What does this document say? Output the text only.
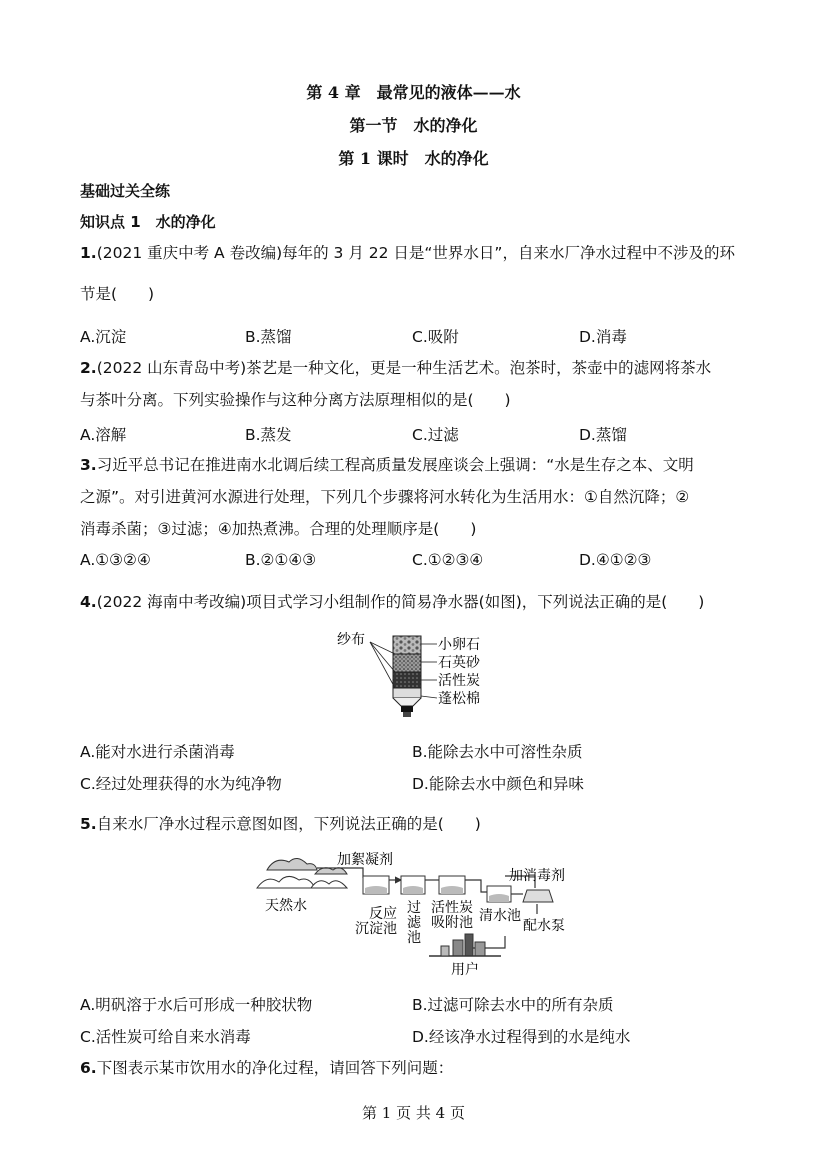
第 4 章　最常见的液体——水
第一节　水的净化
第 1 课时　水的净化
基础过关全练
知识点 1　水的净化
1.(2021 重庆中考 A 卷改编)每年的 3 月 22 日是“世界水日”，自来水厂净水过程中不涉及的环
节是(　　)
A.沉淀	B.蒸馏	C.吸附	D.消毒
2.(2022 山东青岛中考)茶艺是一种文化，更是一种生活艺术。泡茶时，茶壶中的滤网将茶水
与茶叶分离。下列实验操作与这种分离方法原理相似的是(　　)
A.溶解	B.蒸发	C.过滤	D.蒸馏
3.习近平总书记在推进南水北调后续工程高质量发展座谈会上强调：“水是生存之本、文明
之源”。对引进黄河水源进行处理，下列几个步骤将河水转化为生活用水：①自然沉降；②
消毒杀菌；③过滤；④加热煮沸。合理的处理顺序是(　　)
A.①③②④	B.②①④③	C.①②③④	D.④①②③
4.(2022 海南中考改编)项目式学习小组制作的简易净水器(如图)，下列说法正确的是(　　)
纱布	小卵石
石英砂
活性炭
蓬松棉
A.能对水进行杀菌消毒	B.能除去水中可溶性杂质
C.经过处理获得的水为纯净物	D.能除去水中颜色和异味
5.自来水厂净水过程示意图如图，下列说法正确的是(　　)
天然水
加絮凝剂
加消毒剂
反应
沉淀池
过
滤
池
活性炭
吸附池 清水池
配水泵
用户
A.明矾溶于水后可形成一种胶状物	B.过滤可除去水中的所有杂质
C.活性炭可给自来水消毒	D.经该净水过程得到的水是纯水
6.下图表示某市饮用水的净化过程，请回答下列问题：
第 1 页 共 4 页
